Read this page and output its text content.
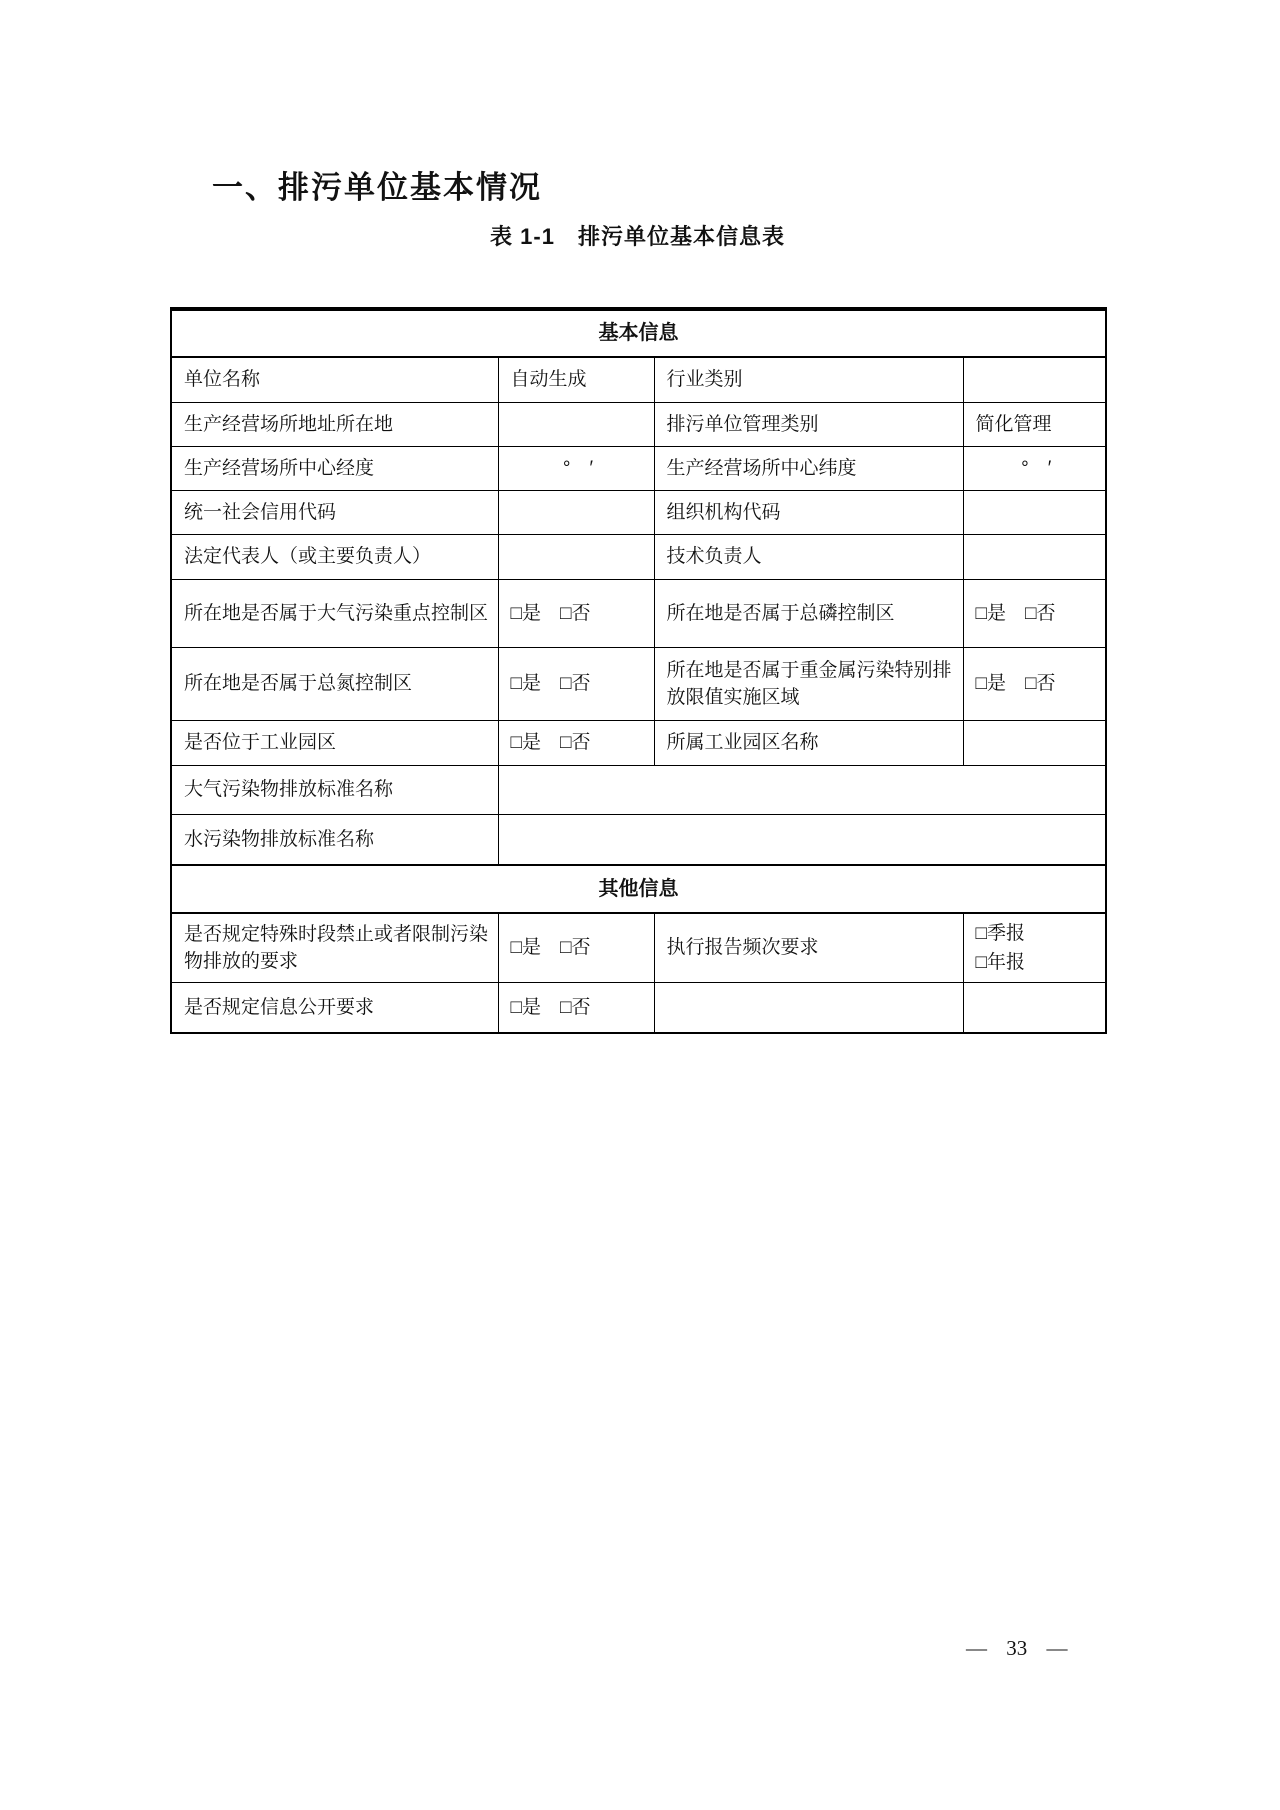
一、排污单位基本情况
表 1-1　排污单位基本信息表
基本信息			
单位名称	自动生成	行业类别	
生产经营场所地址所在地		排污单位管理类别	简化管理
生产经营场所中心经度	°　′	生产经营场所中心纬度	°　′
统一社会信用代码		组织机构代码	
法定代表人（或主要负责人）		技术负责人	
所在地是否属于大气污染重点控制区	□是　□否	所在地是否属于总磷控制区	□是　□否
所在地是否属于总氮控制区	□是　□否	所在地是否属于重金属污染特别排放限值实施区域	□是　□否
是否位于工业园区	□是　□否	所属工业园区名称	
大气污染物排放标准名称			
水污染物排放标准名称			
其他信息			
是否规定特殊时段禁止或者限制污染物排放的要求	□是　□否	执行报告频次要求	□季报
□年报

是否规定信息公开要求	□是　□否		
— 33 —
